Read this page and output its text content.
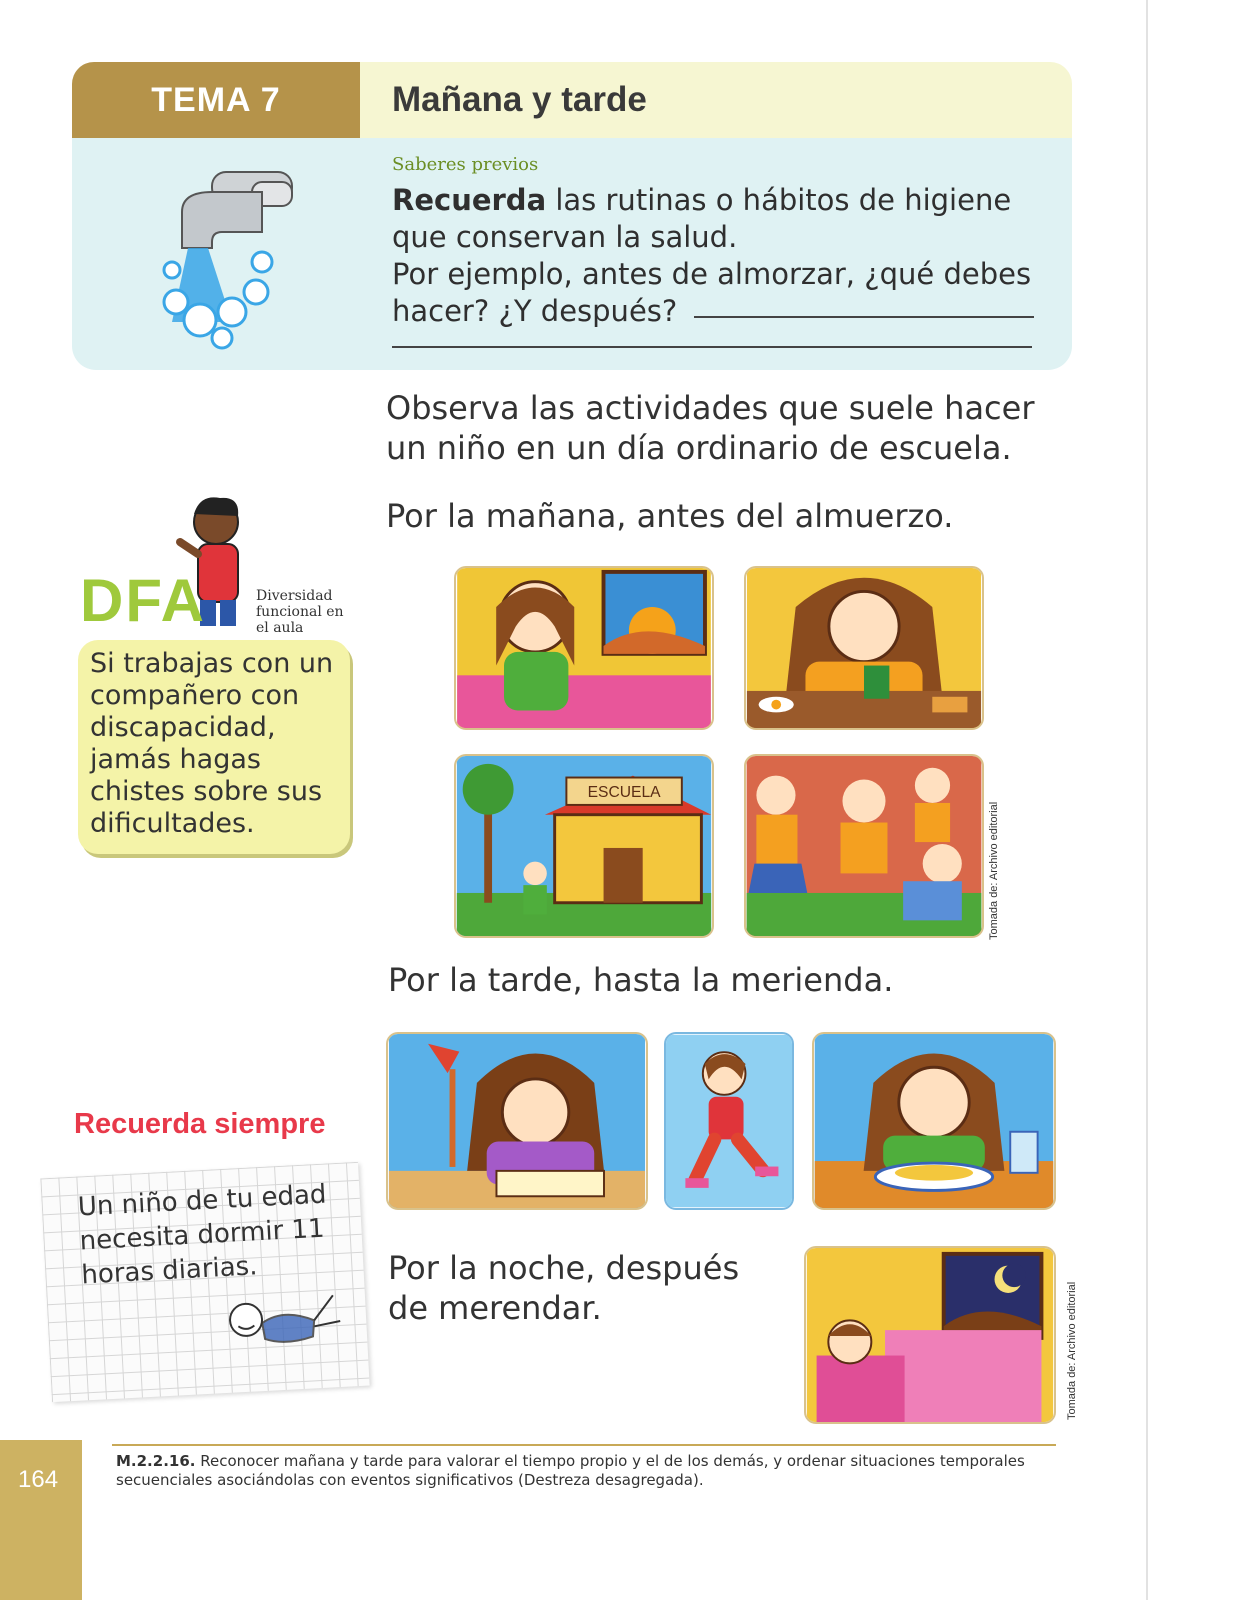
TEMA 7	Mañana y tarde
Saberes previos
Recuerda las rutinas o hábitos de higiene que conservan la salud.
Por ejemplo, antes de almorzar, ¿qué debes hacer? ¿Y después?
Observa las actividades que suele hacer un niño en un día ordinario de escuela.
Por la mañana, antes del almuerzo.
DFA	Diversidad funcional en el aula
Si trabajas con un compañero con discapacidad, jamás hagas chistes sobre sus dificultades.
ESCUELA
Tomada de: Archivo editorial
Por la tarde, hasta la merienda.
Por la noche, después de merendar.	Tomada de: Archivo editorial
Recuerda siempre
Un niño de tu edad necesita dormir 11 horas diarias.
164
M.2.2.16. Reconocer mañana y tarde para valorar el tiempo propio y el de los demás, y ordenar situaciones temporales secuenciales asociándolas con eventos significativos (Destreza desagregada).
